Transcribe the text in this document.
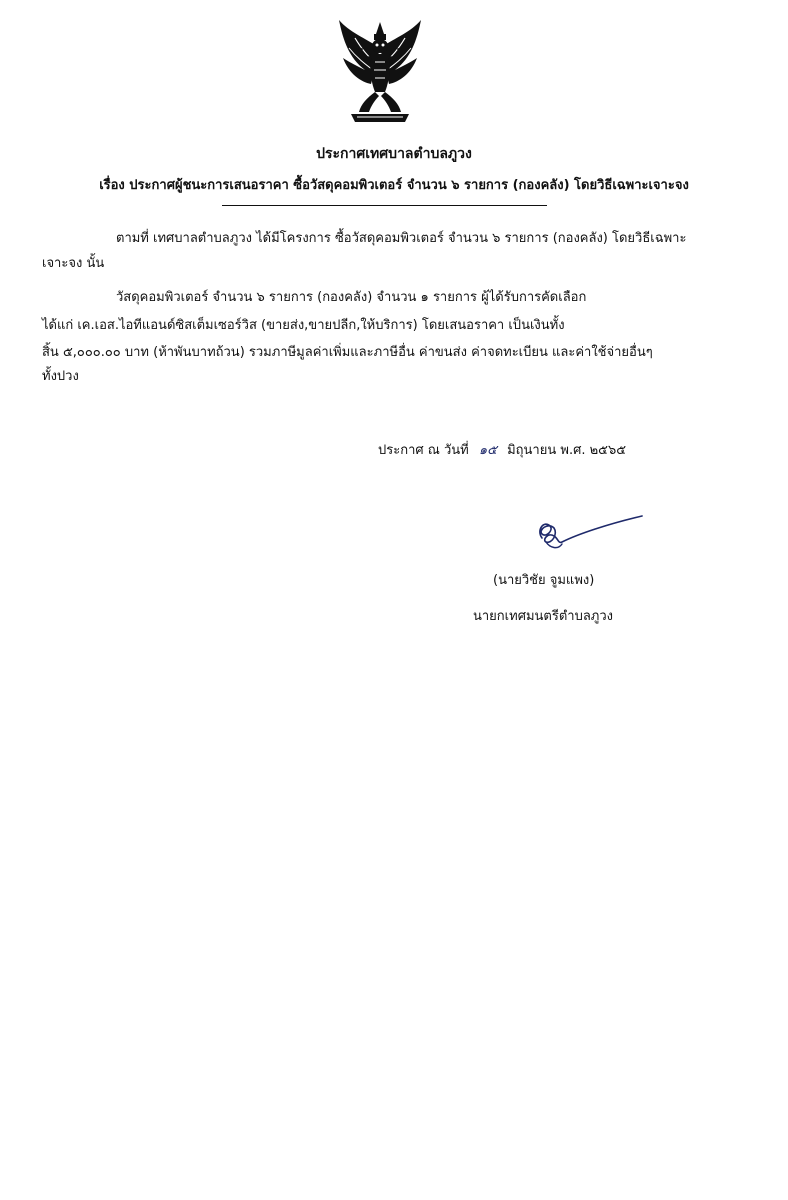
ประกาศเทศบาลตำบลภูวง
เรื่อง ประกาศผู้ชนะการเสนอราคา ซื้อวัสดุคอมพิวเตอร์ จำนวน ๖ รายการ (กองคลัง) โดยวิธีเฉพาะเจาะจง
ตามที่ เทศบาลตำบลภูวง ได้มีโครงการ ซื้อวัสดุคอมพิวเตอร์ จำนวน ๖ รายการ (กองคลัง) โดยวิธีเฉพาะ
เจาะจง นั้น
วัสดุคอมพิวเตอร์ จำนวน ๖ รายการ (กองคลัง) จำนวน ๑ รายการ ผู้ได้รับการคัดเลือก
ได้แก่ เค.เอส.ไอทีแอนด์ซิสเต็มเซอร์วิส (ขายส่ง,ขายปลีก,ให้บริการ) โดยเสนอราคา เป็นเงินทั้ง
สิ้น ๕,๐๐๐.๐๐ บาท (ห้าพันบาทถ้วน) รวมภาษีมูลค่าเพิ่มและภาษีอื่น ค่าขนส่ง ค่าจดทะเบียน และค่าใช้จ่ายอื่นๆ
ทั้งปวง
ประกาศ ณ วันที่ ๑๕ มิถุนายน พ.ศ. ๒๕๖๕
(นายวิชัย จูมแพง)
นายกเทศมนตรีตำบลภูวง
